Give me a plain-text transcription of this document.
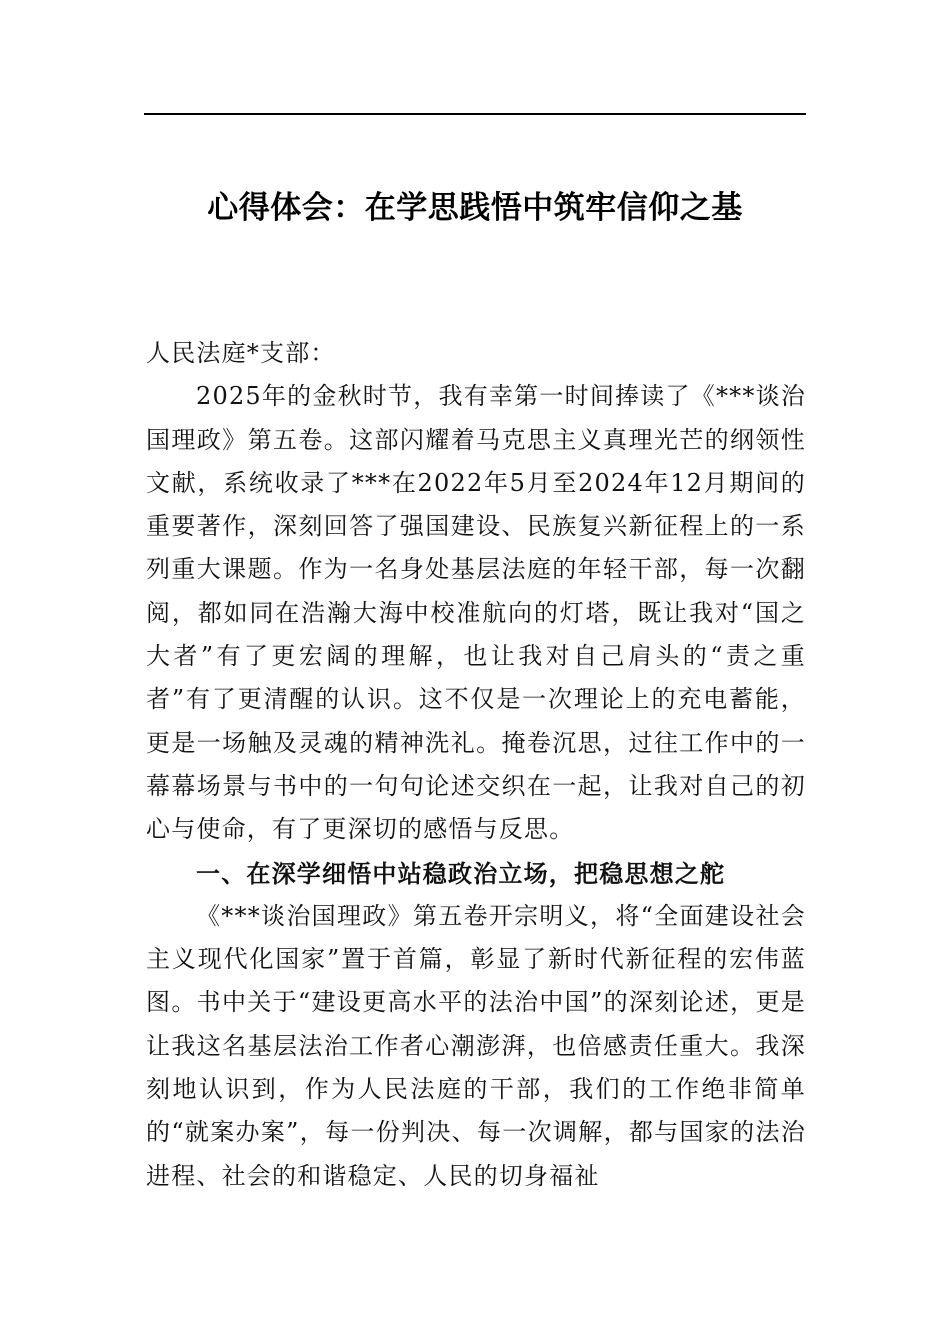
心得体会：在学思践悟中筑牢信仰之基

人民法庭*支部：

2025年的金秋时节，我有幸第一时间捧读了《***谈治国理政》第五卷。这部闪耀着马克思主义真理光芒的纲领性文献，系统收录了***在2022年5月至2024年12月期间的重要著作，深刻回答了强国建设、民族复兴新征程上的一系列重大课题。作为一名身处基层法庭的年轻干部，每一次翻阅，都如同在浩瀚大海中校准航向的灯塔，既让我对“国之大者”有了更宏阔的理解，也让我对自己肩头的“责之重者”有了更清醒的认识。这不仅是一次理论上的充电蓄能，更是一场触及灵魂的精神洗礼。掩卷沉思，过往工作中的一幕幕场景与书中的一句句论述交织在一起，让我对自己的初心与使命，有了更深切的感悟与反思。

一、在深学细悟中站稳政治立场，把稳思想之舵

《***谈治国理政》第五卷开宗明义，将“全面建设社会主义现代化国家”置于首篇，彰显了新时代新征程的宏伟蓝图。书中关于“建设更高水平的法治中国”的深刻论述，更是让我这名基层法治工作者心潮澎湃，也倍感责任重大。我深刻地认识到，作为人民法庭的干部，我们的工作绝非简单的“就案办案”，每一份判决、每一次调解，都与国家的法治进程、社会的和谐稳定、人民的切身福祉
